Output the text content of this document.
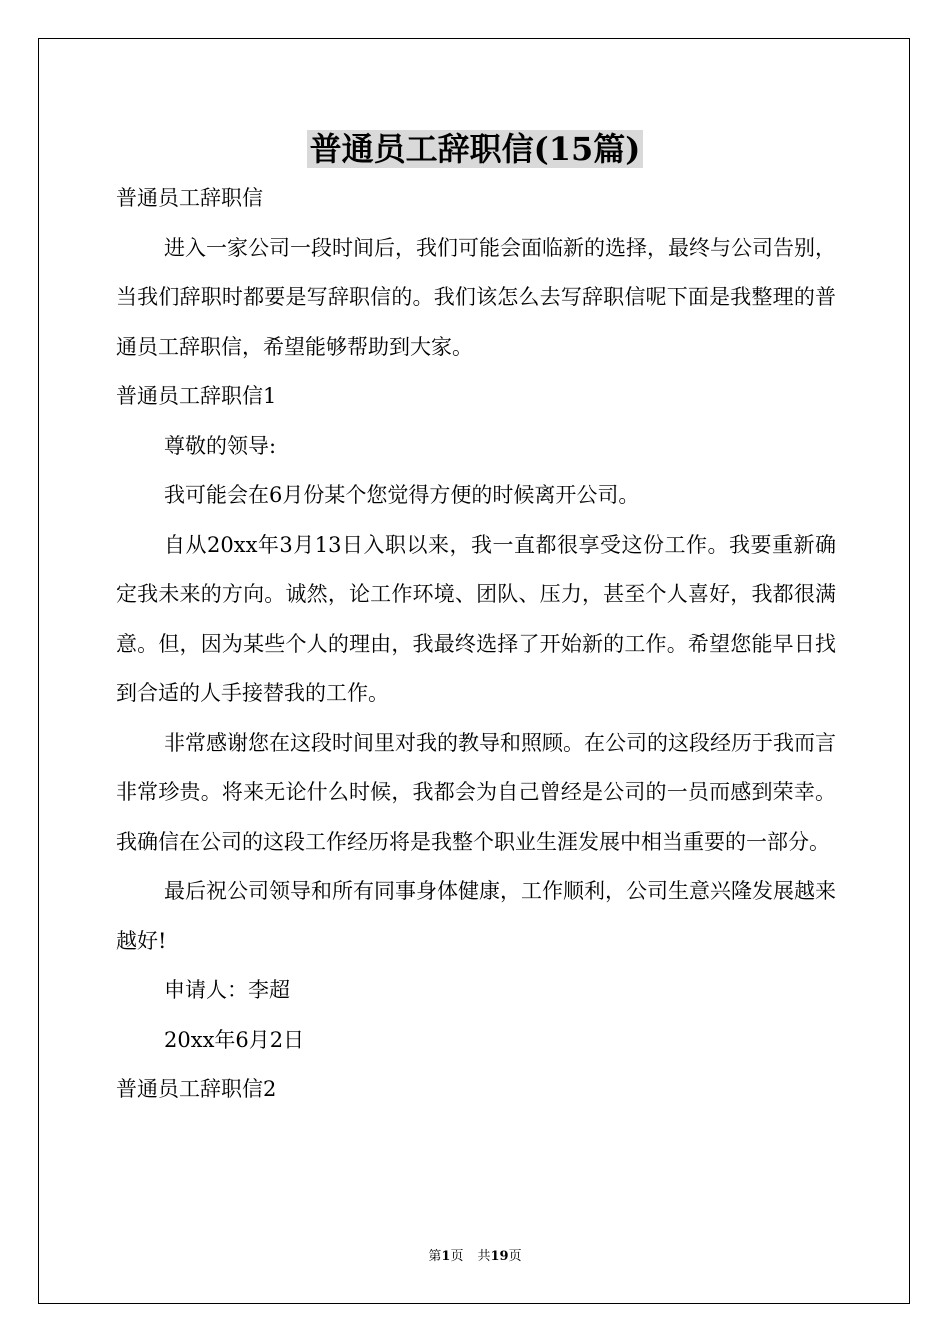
普通员工辞职信(15篇)

普通员工辞职信

进入一家公司一段时间后，我们可能会面临新的选择，最终与公司告别，当我们辞职时都要是写辞职信的。我们该怎么去写辞职信呢下面是我整理的普通员工辞职信，希望能够帮助到大家。

普通员工辞职信1

尊敬的领导:

我可能会在6月份某个您觉得方便的时候离开公司。

自从20xx年3月13日入职以来，我一直都很享受这份工作。我要重新确定我未来的方向。诚然，论工作环境、团队、压力，甚至个人喜好，我都很满意。但，因为某些个人的理由，我最终选择了开始新的工作。希望您能早日找到合适的人手接替我的工作。

非常感谢您在这段时间里对我的教导和照顾。在公司的这段经历于我而言非常珍贵。将来无论什么时候，我都会为自己曾经是公司的一员而感到荣幸。我确信在公司的这段工作经历将是我整个职业生涯发展中相当重要的一部分。

最后祝公司领导和所有同事身体健康，工作顺利，公司生意兴隆发展越来越好!

申请人：李超

20xx年6月2日

普通员工辞职信2

第1页 共19页
